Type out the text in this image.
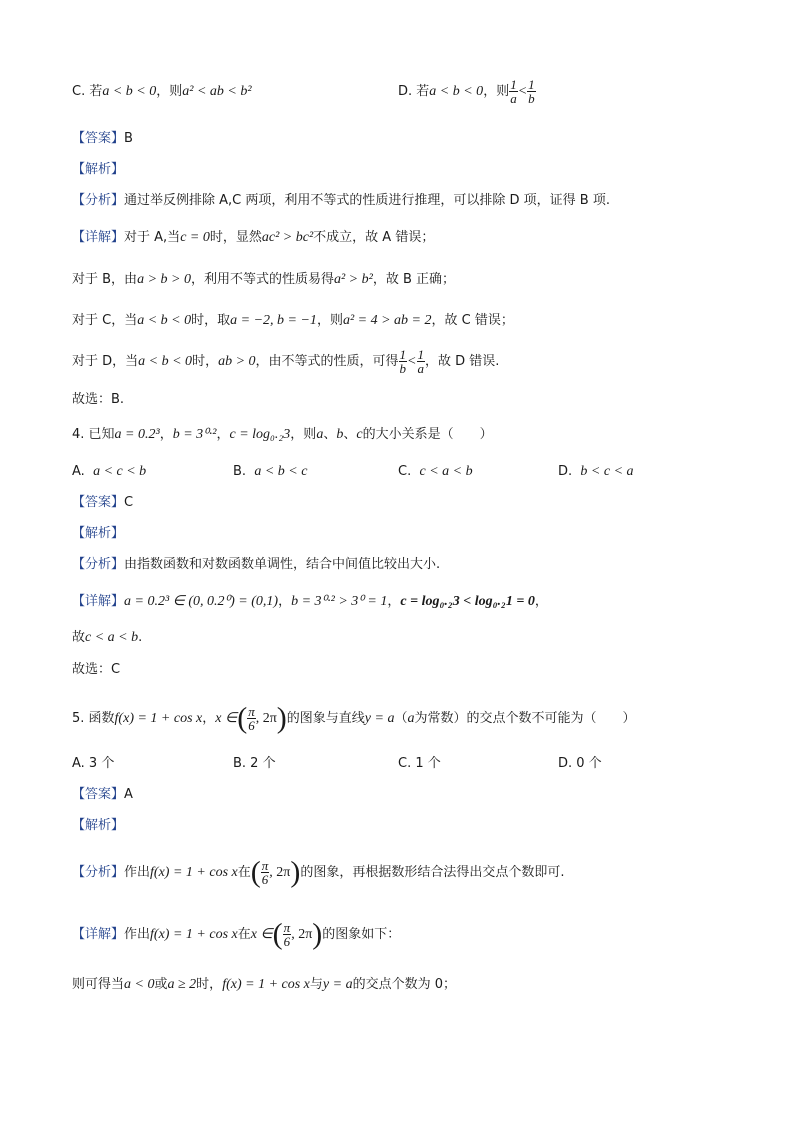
C. 若a < b < 0，则a² < ab < b²	D. 若a < b < 0，则 $\frac{1}{a} < \frac{1}{b}$
【答案】B
【解析】
【分析】通过举反例排除 A,C 两项，利用不等式的性质进行推理，可以排除 D 项，证得 B 项.
【详解】对于 A,当c = 0时，显然ac² > bc²不成立，故 A 错误；
对于 B，由a > b > 0，利用不等式的性质易得a² > b²，故 B 正确；
对于 C，当a < b < 0时，取a = −2, b = −1，则a² = 4 > ab = 2，故 C 错误；
对于 D，当a < b < 0时，ab > 0，由不等式的性质，可得 $\frac{1}{b} < \frac{1}{a}$ ，故 D 错误.
故选：B.
4. 已知a = 0.2³，b = 3⁰·²，c = log₀.₂3，则a、b、c的大小关系是（　　）
A. a < c < b	B. a < b < c	C. c < a < b	D. b < c < a
【答案】C
【解析】
【分析】由指数函数和对数函数单调性，结合中间值比较出大小.
【详解】a = 0.2³ ∈ (0, 0.2⁰) = (0,1)，b = 3⁰·² > 3⁰ = 1，c = log₀.₂3 < log₀.₂1 = 0，
故c < a < b.
故选：C
5. 函数f(x) = 1 + cos x，x ∈( $\frac{\pi}{6}$ , 2π)的图象与直线y = a（a为常数）的交点个数不可能为（　　）
A. 3 个	B. 2 个	C. 1 个	D. 0 个
【答案】A
【解析】
【分析】作出f(x) = 1 + cos x在( $\frac{\pi}{6}$ , 2π)的图象，再根据数形结合法得出交点个数即可.
【详解】作出f(x) = 1 + cos x在x ∈( $\frac{\pi}{6}$ , 2π)的图象如下：
则可得当a < 0或a ≥ 2时，f(x) = 1 + cos x与y = a的交点个数为 0；
